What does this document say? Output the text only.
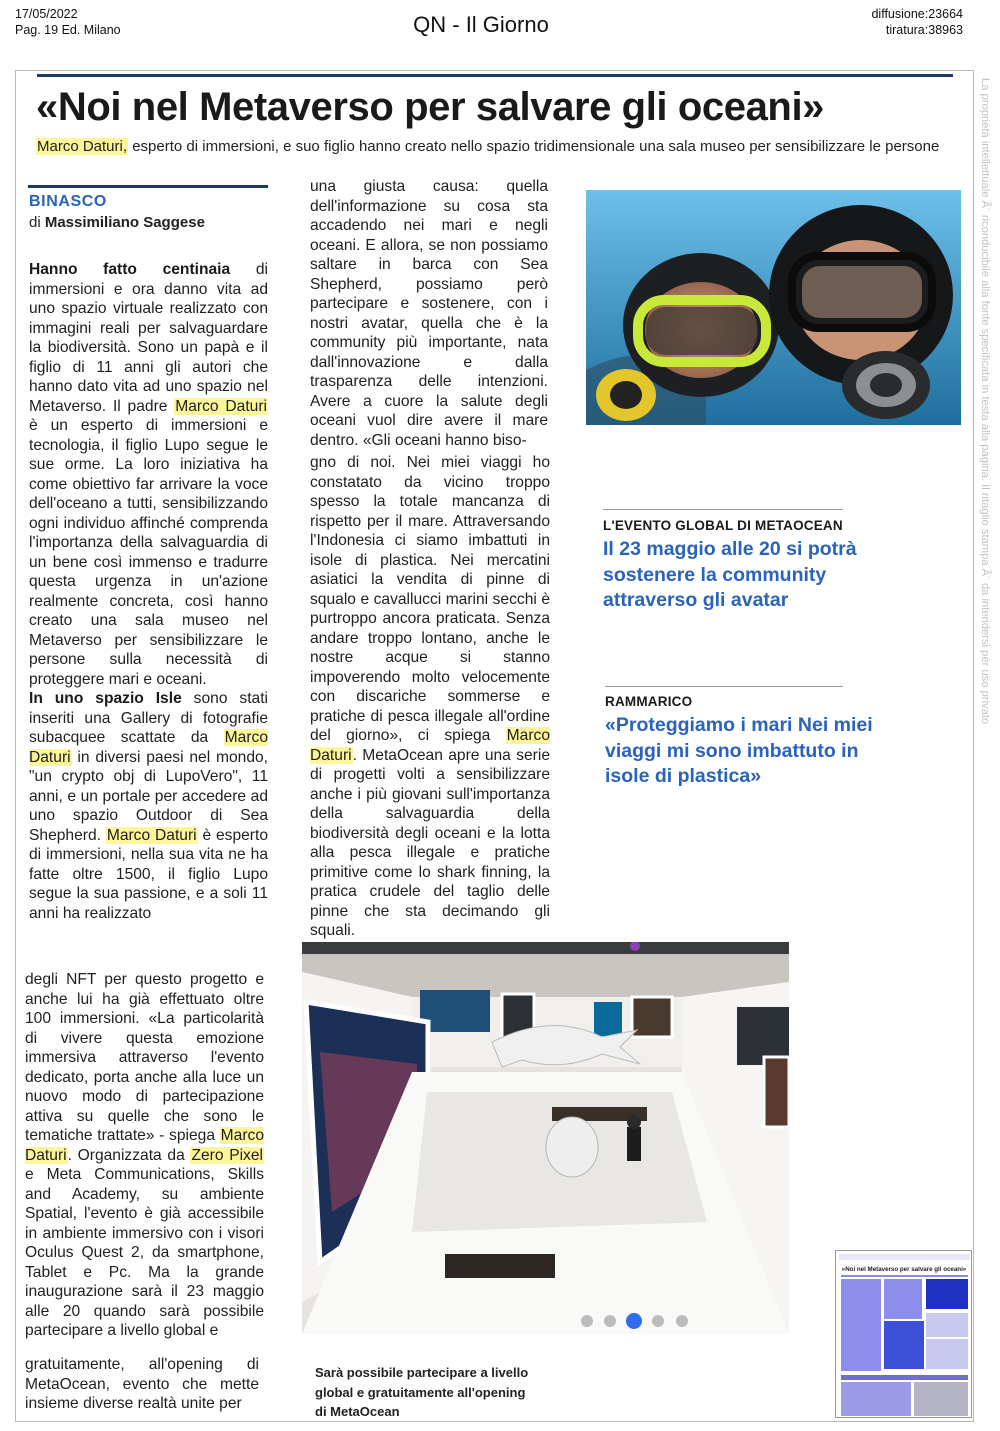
17/05/2022
Pag. 19 Ed. Milano	QN - Il Giorno	diffusione:23664
tiratura:38963
«Noi nel Metaverso per salvare gli oceani»
Marco Daturi, esperto di immersioni, e suo figlio hanno creato nello spazio tridimensionale una sala museo per sensibilizzare le persone	La proprietà intellettuale Ã¨ riconducibile alla fonte specificata in testa alla pagina. Il ritaglio stampa Ã¨ da intendersi per uso privato
BINASCO
di Massimiliano Saggese
Hanno fatto centinaia di immersioni e ora danno vita ad uno spazio virtuale realizzato con immagini reali per salvaguardare la biodiversità. Sono un papà e il figlio di 11 anni gli autori che hanno dato vita ad uno spazio nel Metaverso. Il padre Marco Daturi è un esperto di immersioni e tecnologia, il figlio Lupo segue le sue orme. La loro iniziativa ha come obiettivo far arrivare la voce dell'oceano a tutti, sensibilizzando ogni individuo affinché comprenda l'importanza della salvaguardia di un bene così immenso e tradurre questa urgenza in un'azione realmente concreta, così hanno creato una sala museo nel Metaverso per sensibilizzare le persone sulla necessità di proteggere mari e oceani.
In uno spazio Isle sono stati inseriti una Gallery di fotografie subacquee scattate da Marco Daturi in diversi paesi nel mondo, "un crypto obj di LupoVero", 11 anni, e un portale per accedere ad uno spazio Outdoor di Sea Shepherd. Marco Daturi è esperto di immersioni, nella sua vita ne ha fatte oltre 1500, il figlio Lupo segue la sua passione, e a soli 11 anni ha realizzato
degli NFT per questo progetto e anche lui ha già effettuato oltre 100 immersioni. «La particolarità di vivere questa emozione immersiva attraverso l'evento dedicato, porta anche alla luce un nuovo modo di partecipazione attiva su quelle che sono le tematiche trattate» - spiega Marco Daturi. Organizzata da Zero Pixel e Meta Communications, Skills and Academy, su ambiente Spatial, l'evento è già accessibile in ambiente immersivo con i visori Oculus Quest 2, da smartphone, Tablet e Pc. Ma la grande inaugurazione sarà il 23 maggio alle 20 quando sarà possibile partecipare a livello global e
gratuitamente, all'opening di MetaOcean, evento che mette insieme diverse realtà unite per
una giusta causa: quella dell'informazione su cosa sta accadendo nei mari e negli oceani. E allora, se non possiamo saltare in barca con Sea Shepherd, possiamo però partecipare e sostenere, con i nostri avatar, quella che è la community più importante, nata dall'innovazione e dalla trasparenza delle intenzioni. Avere a cuore la salute degli oceani vuol dire avere il mare dentro. «Gli oceani hanno biso-
gno di noi. Nei miei viaggi ho constatato da vicino troppo spesso la totale mancanza di rispetto per il mare. Attraversando l'Indonesia ci siamo imbattuti in isole di plastica. Nei mercatini asiatici la vendita di pinne di squalo e cavallucci marini secchi è purtroppo ancora praticata. Senza andare troppo lontano, anche le nostre acque si stanno impoverendo molto velocemente con discariche sommerse e pratiche di pesca illegale all'ordine del giorno», ci spiega Marco Daturi. MetaOcean apre una serie di progetti volti a sensibilizzare anche i più giovani sull'importanza della salvaguardia della biodiversità degli oceani e la lotta alla pesca illegale e pratiche primitive come lo shark finning, la pratica crudele del taglio delle pinne che sta decimando gli squali.
L'EVENTO GLOBAL DI METAOCEAN
Il 23 maggio alle 20 si potrà sostenere la community attraverso gli avatar
RAMMARICO
«Proteggiamo i mari Nei miei viaggi mi sono imbattuto in isole di plastica»
Sarà possibile partecipare a livello global e gratuitamente all'opening di MetaOcean
«Noi nel Metaverso per salvare gli oceani»
